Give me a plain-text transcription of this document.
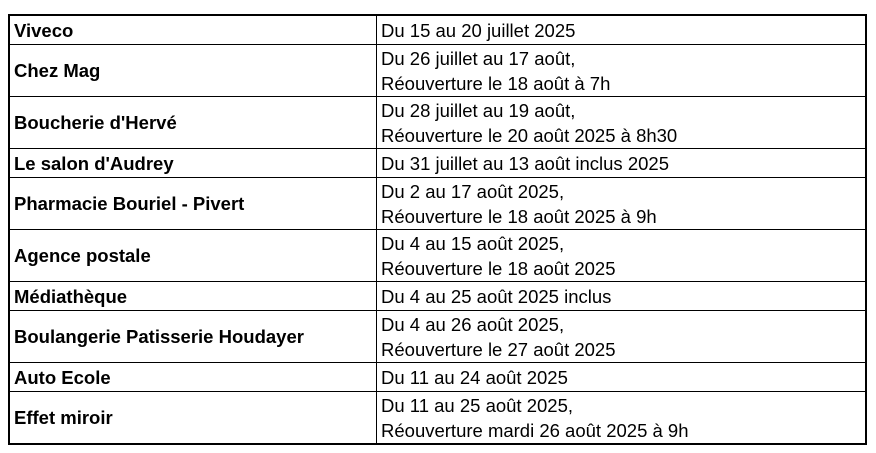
Viveco	Du 15 au 20 juillet 2025

Chez Mag	Du 26 juillet au 17 août,
Réouverture le 18 août à 7h

Boucherie d'Hervé	Du 28 juillet au 19 août,
Réouverture le 20 août 2025 à 8h30

Le salon d'Audrey	Du 31 juillet au 13 août inclus 2025

Pharmacie Bouriel - Pivert	Du 2 au 17 août 2025,
Réouverture le 18 août 2025 à 9h

Agence postale	Du 4 au 15 août 2025,
Réouverture le 18 août 2025

Médiathèque	Du 4 au 25 août 2025 inclus

Boulangerie Patisserie Houdayer	Du 4 au 26 août 2025,
Réouverture le 27 août 2025

Auto Ecole	Du 11 au 24 août 2025

Effet miroir	Du 11 au 25 août 2025,
Réouverture mardi 26 août 2025 à 9h
